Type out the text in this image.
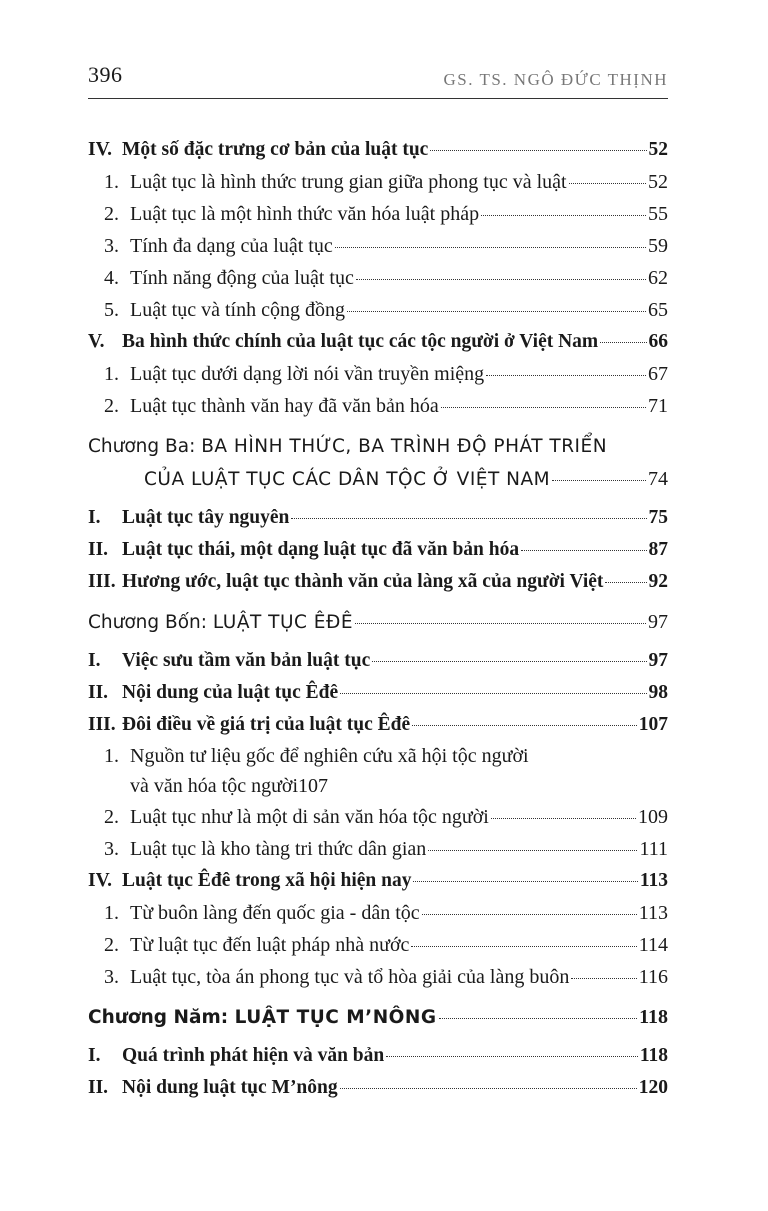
396	GS. TS. NGÔ ĐỨC THỊNH
IV. Một số đặc trưng cơ bản của luật tục	52
1. Luật tục là hình thức trung gian giữa phong tục và luật	52
2. Luật tục là một hình thức văn hóa luật pháp	55
3. Tính đa dạng của luật tục	59
4. Tính năng động của luật tục	62
5. Luật tục và tính cộng đồng	65
V. Ba hình thức chính của luật tục các tộc người ở Việt Nam	66
1. Luật tục dưới dạng lời nói vần truyền miệng	67
2. Luật tục thành văn hay đã văn bản hóa	71
Chương Ba: BA HÌNH THỨC, BA TRÌNH ĐỘ PHÁT TRIỂN
CỦA LUẬT TỤC CÁC DÂN TỘC Ở VIỆT NAM	74
I. Luật tục tây nguyên	75
II. Luật tục thái, một dạng luật tục đã văn bản hóa	87
III. Hương ước, luật tục thành văn của làng xã của người Việt 92
Chương Bốn: LUẬT TỤC ÊĐÊ	97
I. Việc sưu tầm văn bản luật tục	97
II. Nội dung của luật tục Êđê	98
III. Đôi điều về giá trị của luật tục Êđê	107
1. Nguồn tư liệu gốc để nghiên cứu xã hội tộc người
và văn hóa tộc người 107
2. Luật tục như là một di sản văn hóa tộc người	109
3. Luật tục là kho tàng tri thức dân gian	111
IV. Luật tục Êđê trong xã hội hiện nay	113
1. Từ buôn làng đến quốc gia - dân tộc	113
2. Từ luật tục đến luật pháp nhà nước	114
3. Luật tục, tòa án phong tục và tổ hòa giải của làng buôn	116
Chương Năm: LUẬT TỤC M’NÔNG	118
I. Quá trình phát hiện và văn bản	118
II. Nội dung luật tục M’nông	120
